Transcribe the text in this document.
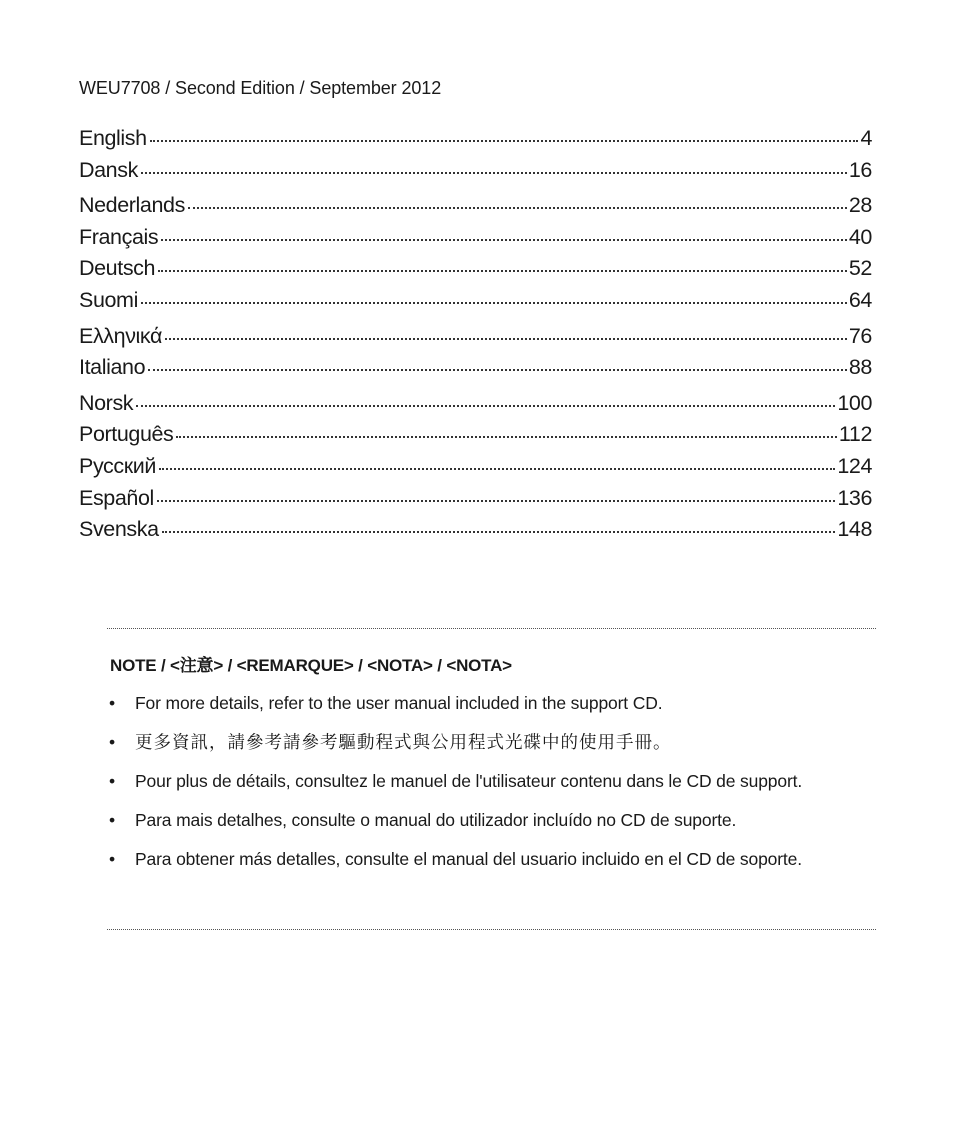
WEU7708 / Second Edition / September 2012
English	4
Dansk	16
Nederlands	28
Français	40
Deutsch	52
Suomi	64
Ελληνικά	76
Italiano	88
Norsk	100
Português	112
Русский	124
Español	136
Svenska	148
NOTE / <注意> / <REMARQUE> / <NOTA> / <NOTA>
• For more details, refer to the user manual included in the support CD.
• 更多資訊，請參考請參考驅動程式與公用程式光碟中的使用手冊。
• Pour plus de détails, consultez le manuel de l'utilisateur contenu dans le CD de support.
• Para mais detalhes, consulte o manual do utilizador incluído no CD de suporte.
• Para obtener más detalles, consulte el manual del usuario incluido en el CD de soporte.
